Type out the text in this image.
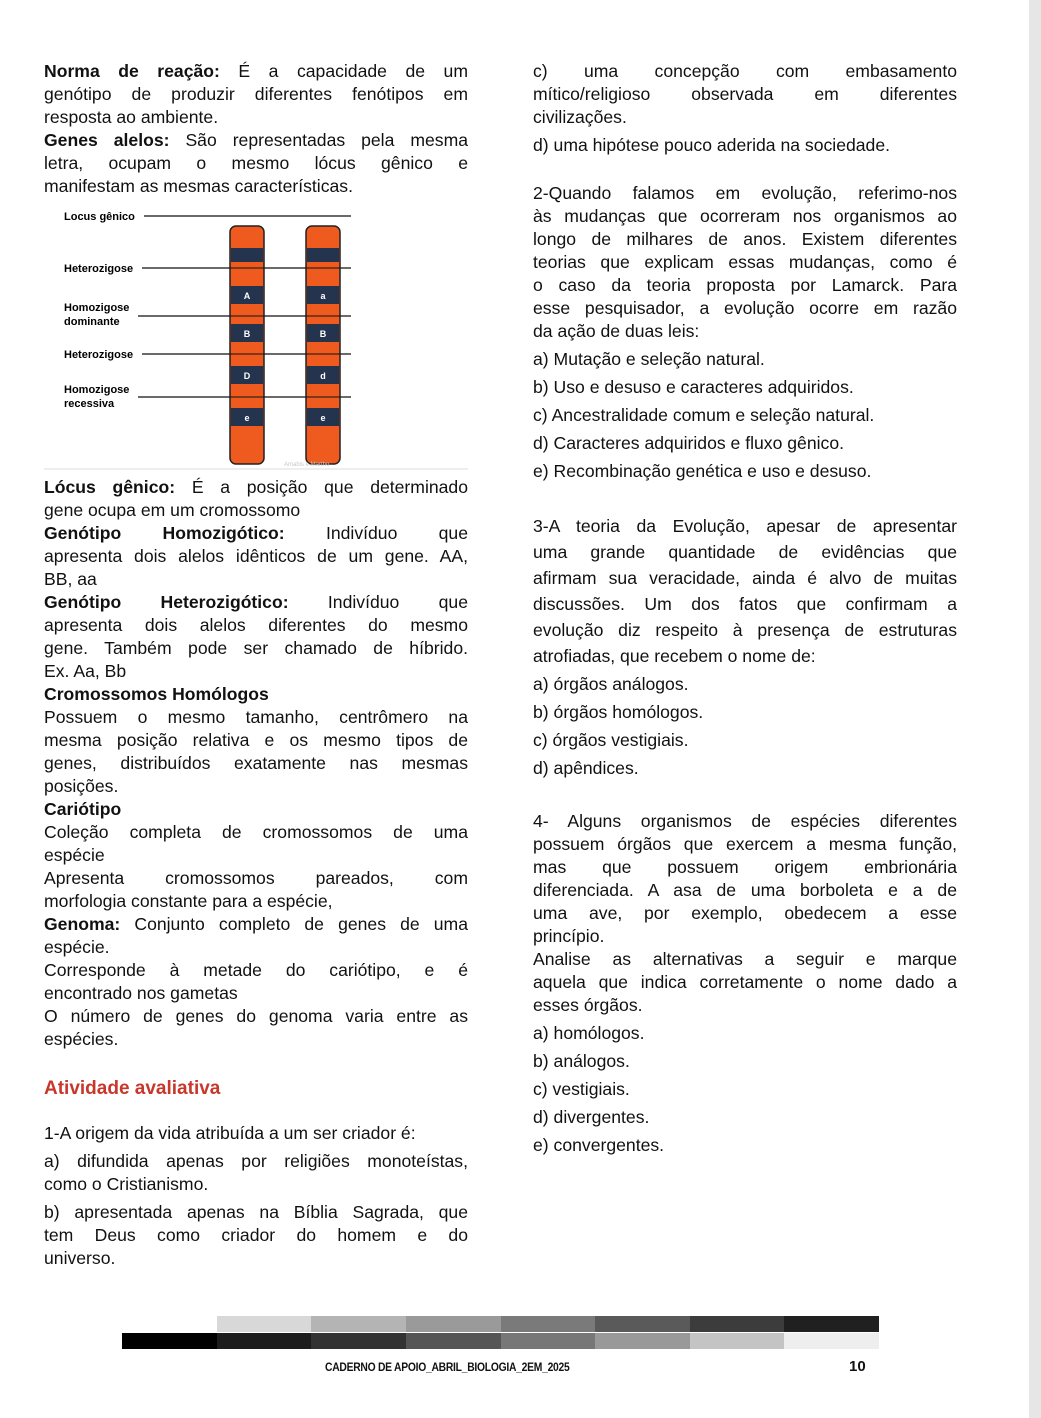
Norma de reação: É a capacidade de um

genótipo de produzir diferentes fenótipos em

resposta ao ambiente.

Genes alelos: São representadas pela mesma

letra, ocupam o mesmo lócus gênico e

manifestam as mesmas características.

Locus gênico
Heterozigose
Homozigose
dominante
Heterozigose
Homozigose
recessiva
A
B
D
e
a
B
d
e
Amabis e Martho

Lócus gênico: É a posição que determinado

gene ocupa em um cromossomo

Genótipo Homozigótico: Indivíduo que

apresenta dois alelos idênticos de um gene. AA,

BB, aa

Genótipo Heterozigótico: Indivíduo que

apresenta dois alelos diferentes do mesmo

gene. Também pode ser chamado de híbrido.

Ex. Aa, Bb

Cromossomos Homólogos

Possuem o mesmo tamanho, centrômero na

mesma posição relativa e os mesmo tipos de

genes, distribuídos exatamente nas mesmas

posições.

Cariótipo

Coleção completa de cromossomos de uma

espécie

Apresenta cromossomos pareados, com

morfologia constante para a espécie,

Genoma: Conjunto completo de genes de uma

espécie.

Corresponde à metade do cariótipo, e é

encontrado nos gametas

O número de genes do genoma varia entre as

espécies.

Atividade avaliativa

1-A origem da vida atribuída a um ser criador é:

a) difundida apenas por religiões monoteístas,

como o Cristianismo.

b) apresentada apenas na Bíblia Sagrada, que

tem Deus como criador do homem e do

universo.

c) uma concepção com embasamento

mítico/religioso observada em diferentes

civilizações.

d) uma hipótese pouco aderida na sociedade.

2-Quando falamos em evolução, referimo-nos

às mudanças que ocorreram nos organismos ao

longo de milhares de anos. Existem diferentes

teorias que explicam essas mudanças, como é

o caso da teoria proposta por Lamarck. Para

esse pesquisador, a evolução ocorre em razão

da ação de duas leis:

a) Mutação e seleção natural.

b) Uso e desuso e caracteres adquiridos.

c) Ancestralidade comum e seleção natural.

d) Caracteres adquiridos e fluxo gênico.

e) Recombinação genética e uso e desuso.

3-A teoria da Evolução, apesar de apresentar

uma grande quantidade de evidências que

afirmam sua veracidade, ainda é alvo de muitas

discussões. Um dos fatos que confirmam a

evolução diz respeito à presença de estruturas

atrofiadas, que recebem o nome de:

a) órgãos análogos.

b) órgãos homólogos.

c) órgãos vestigiais.

d) apêndices.

4- Alguns organismos de espécies diferentes

possuem órgãos que exercem a mesma função,

mas que possuem origem embrionária

diferenciada. A asa de uma borboleta e a de

uma ave, por exemplo, obedecem a esse

princípio.

Analise as alternativas a seguir e marque

aquela que indica corretamente o nome dado a

esses órgãos.

a) homólogos.

b) análogos.

c) vestigiais.

d) divergentes.

e) convergentes.

CADERNO DE APOIO_ABRIL_BIOLOGIA_2EM_2025	10
